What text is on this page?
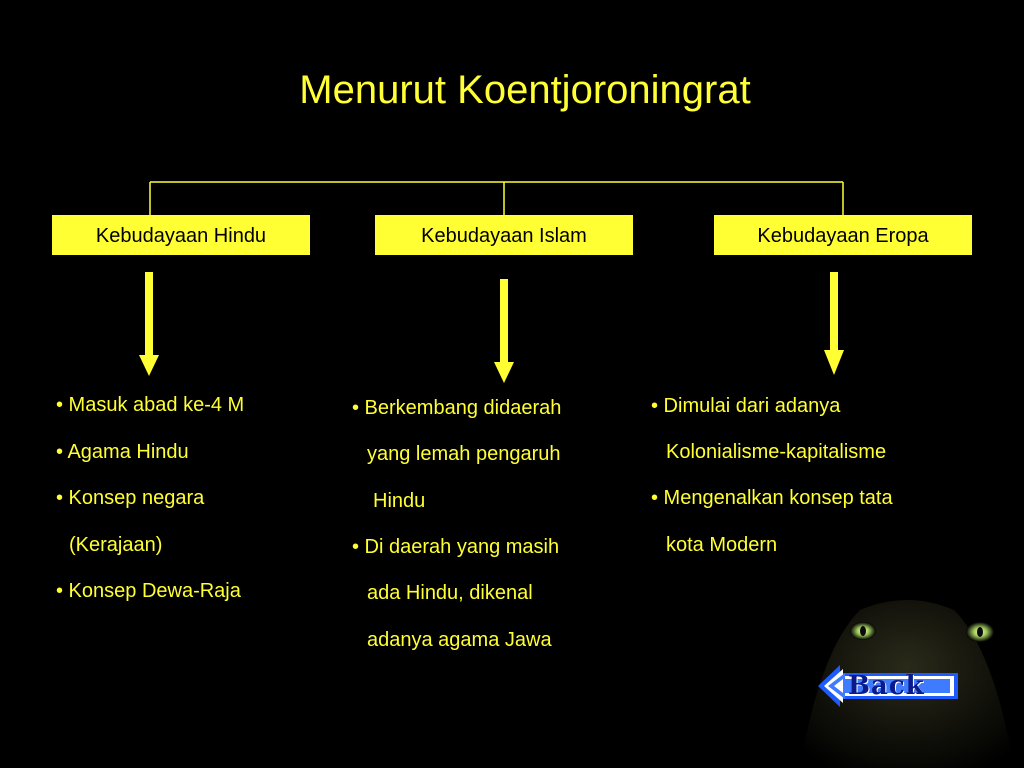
Menurut Koentjoroningrat
Kebudayaan Hindu	Kebudayaan Islam	Kebudayaan Eropa
• Masuk abad ke-4 M
• Agama Hindu
• Konsep negara
(Kerajaan)
• Konsep Dewa-Raja
• Berkembang didaerah
yang lemah pengaruh
Hindu
• Di daerah yang masih
ada Hindu, dikenal
adanya agama Jawa
• Dimulai dari adanya
Kolonialisme-kapitalisme
• Mengenalkan konsep tata
kota Modern
Back
